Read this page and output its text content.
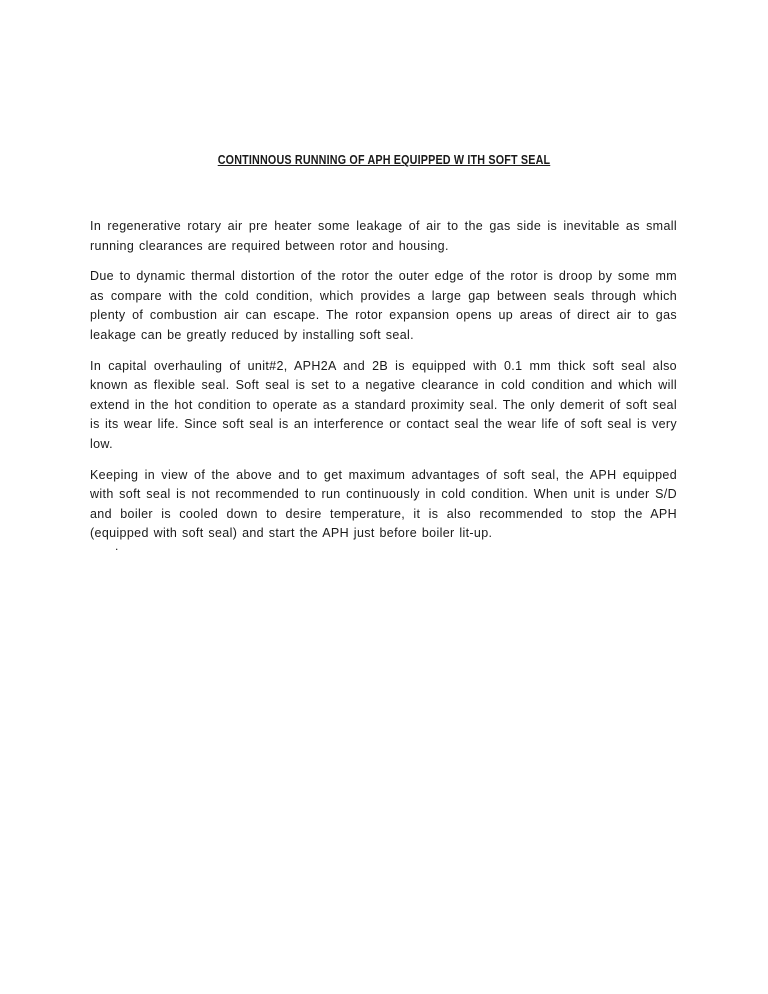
CONTINNOUS RUNNING OF APH EQUIPPED W ITH SOFT SEAL

In regenerative rotary air pre heater some leakage of air to the gas side is inevitable as small running clearances are required between rotor and housing.

Due to dynamic thermal distortion of the rotor the outer edge of the rotor is droop by some mm as compare with the cold condition, which provides a large gap between seals through which plenty of combustion air can escape. The rotor expansion opens up areas of direct air to gas leakage can be greatly reduced by installing soft seal.

In capital overhauling of unit#2, APH2A and 2B is equipped with 0.1 mm thick soft seal also known as flexible seal. Soft seal is set to a negative clearance in cold condition and which will extend in the hot condition to operate as a standard proximity seal. The only demerit of soft seal is its wear life. Since soft seal is an interference or contact seal the wear life of soft seal is very low.

Keeping in view of the above and to get maximum advantages of soft seal, the APH equipped with soft seal is not recommended to run continuously in cold condition. When unit is under S/D and boiler is cooled down to desire temperature, it is also recommended to stop the APH (equipped with soft seal) and start the APH just before boiler lit-up.

.
